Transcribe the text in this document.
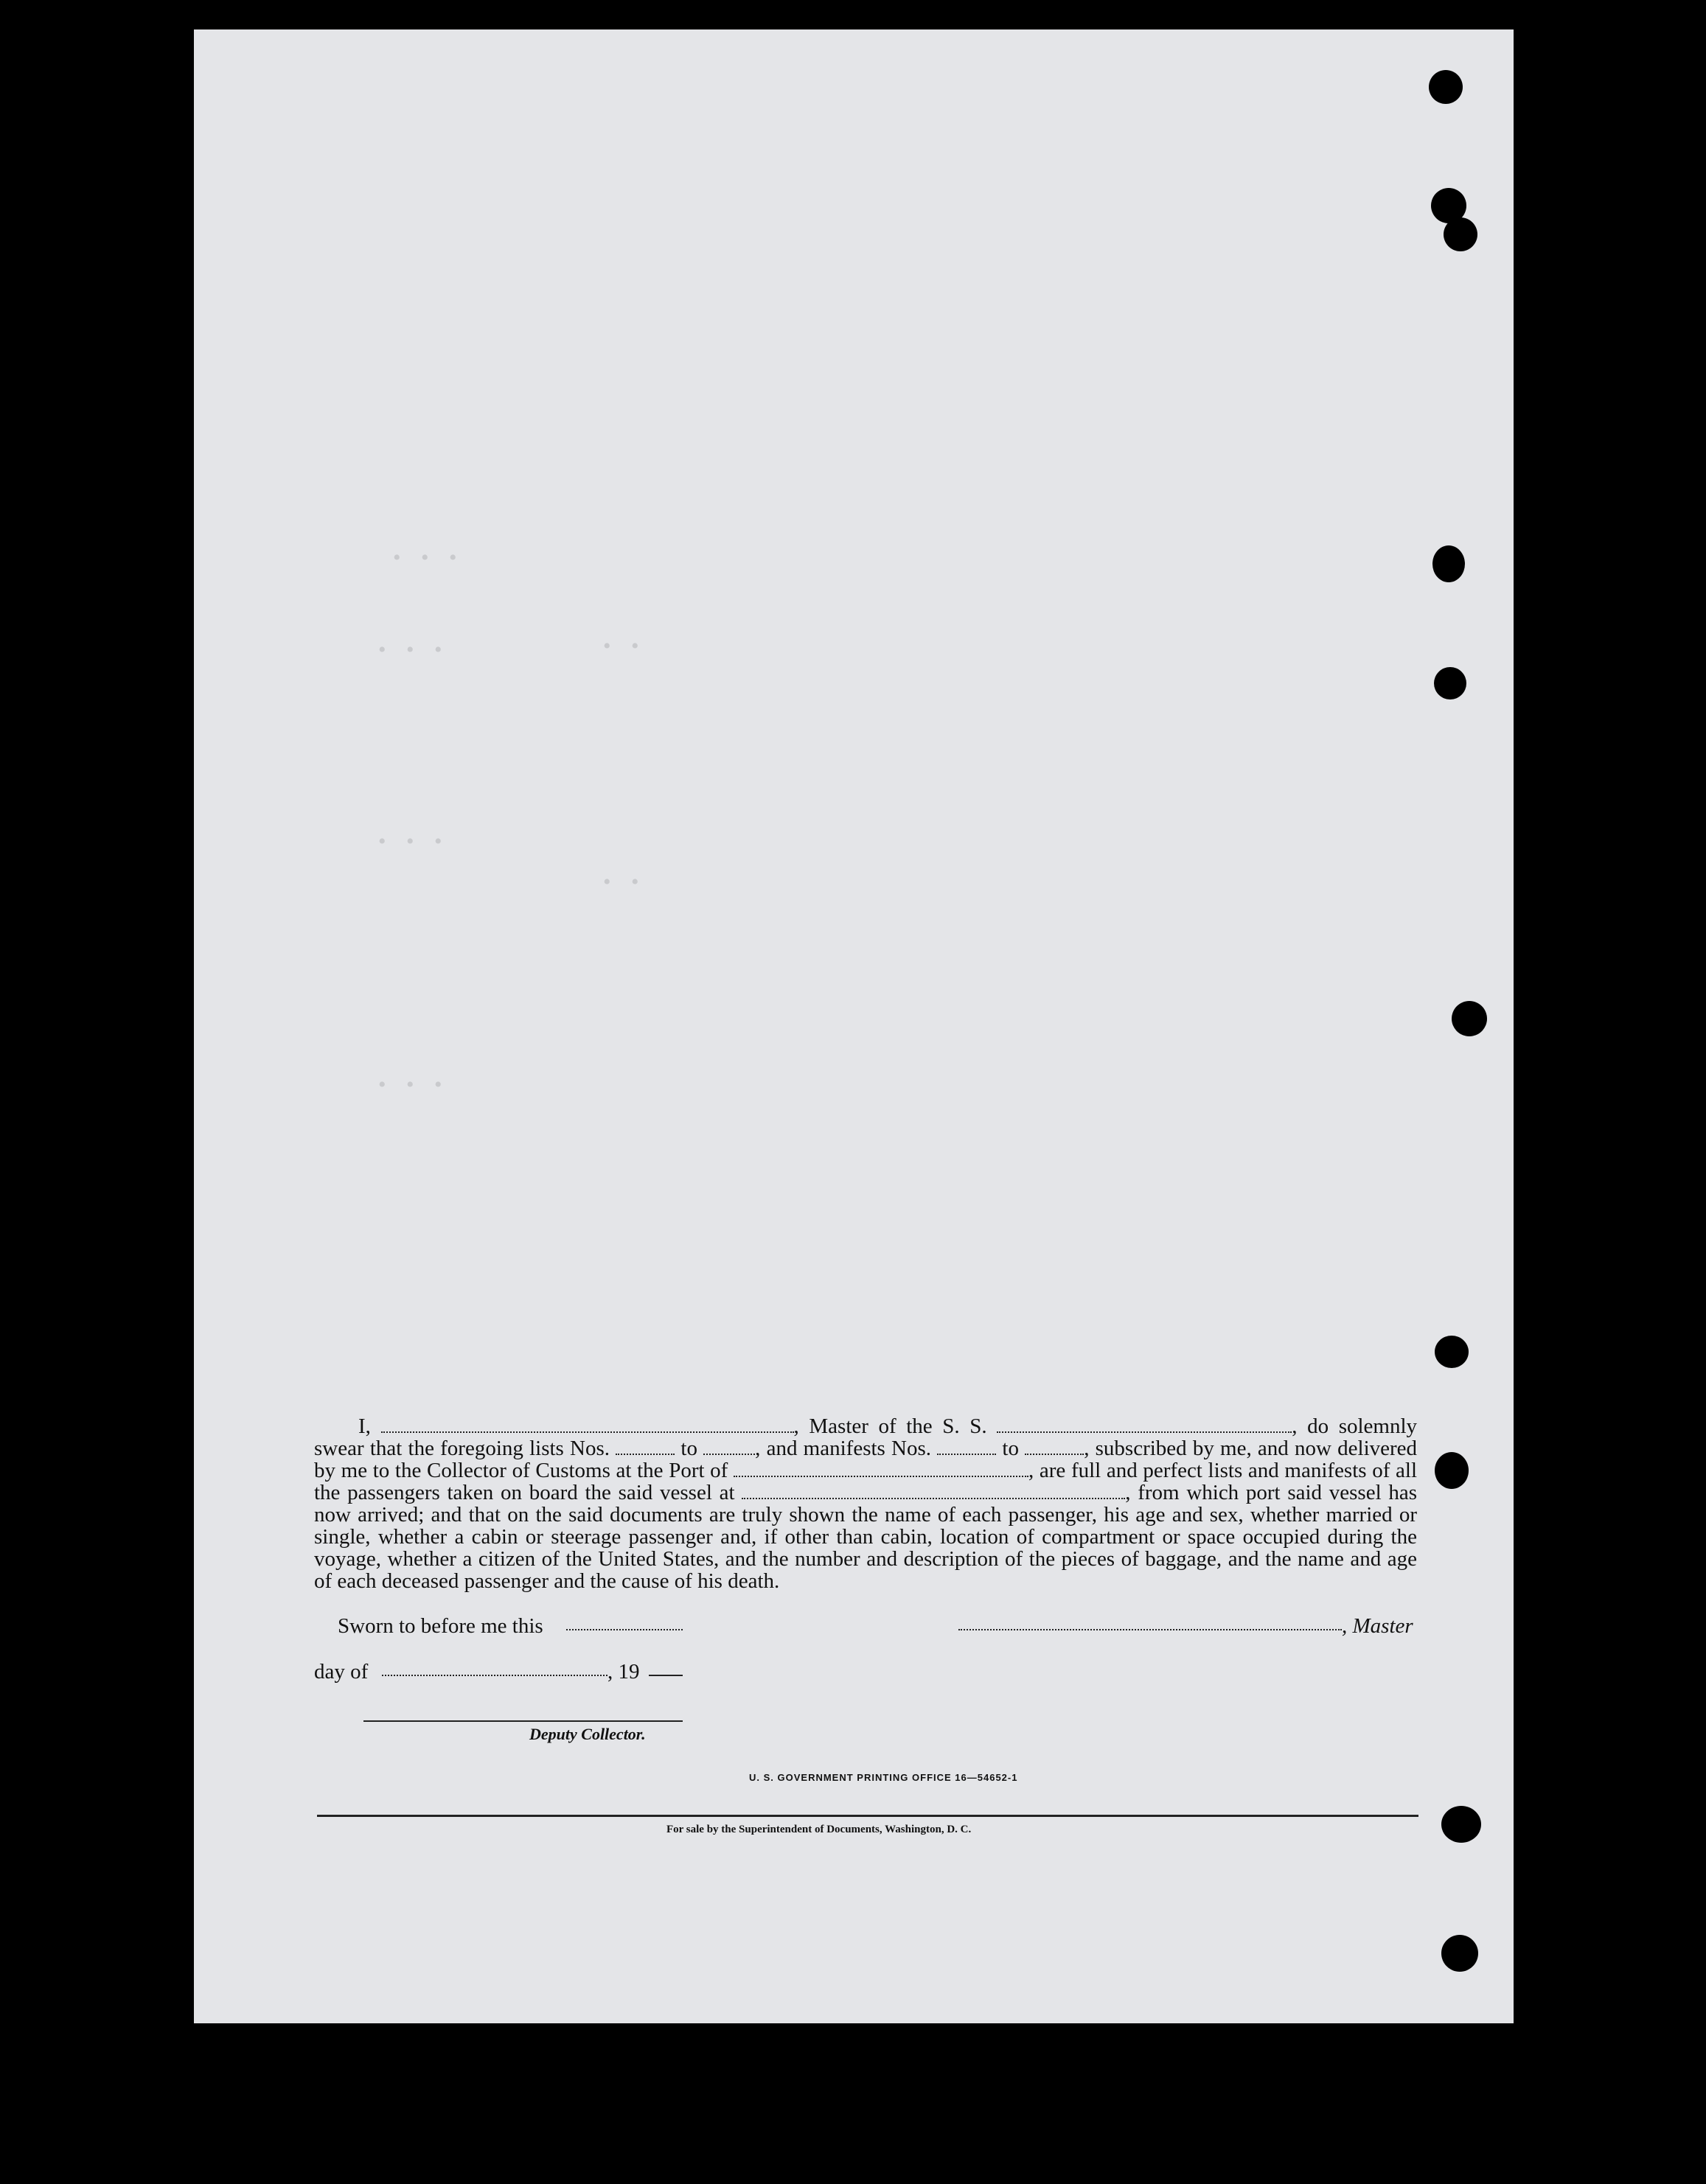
• • •
• • •
• • •
• • •
• •
• •
I,	, Master of the S. S.	, do solemnly swear that the foregoing lists Nos.	to	, and manifests Nos.	to	, subscribed by me, and now delivered by me to the Collector of Customs at the Port of	, are full and perfect lists and manifests of all the passengers taken on board the said vessel at	, from which port said vessel has now arrived; and that on the said documents are truly shown the name of each passenger, his age and sex, whether married or single, whether a cabin or steerage passenger and, if other than cabin, location of compartment or space occupied during the voyage, whether a citizen of the United States, and the number and description of the pieces of baggage, and the name and age of each deceased passenger and the cause of his death.
Sworn to before me this	, Master
day of	, 19
Deputy Collector.
U. S. GOVERNMENT PRINTING OFFICE 16—54652-1
For sale by the Superintendent of Documents, Washington, D. C.
